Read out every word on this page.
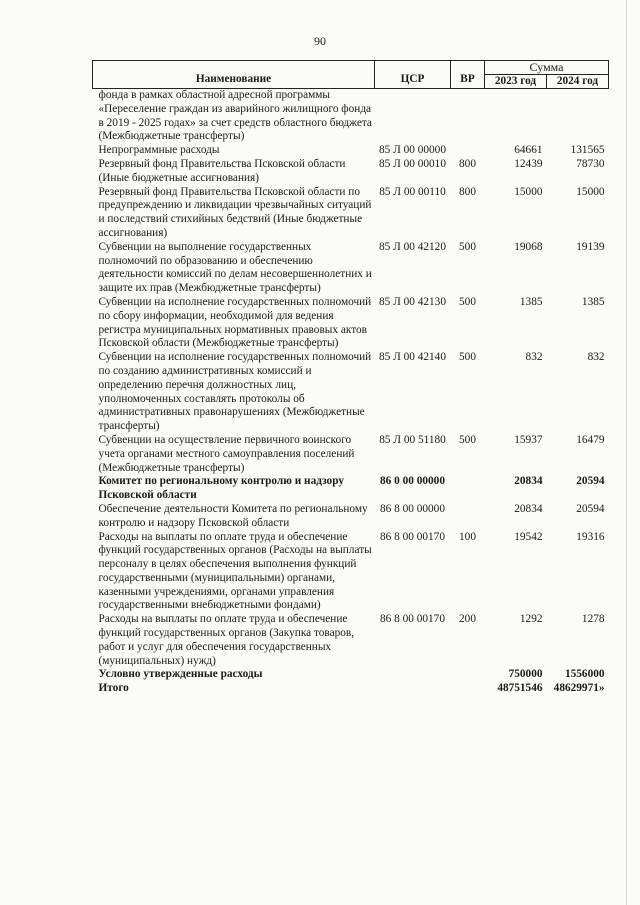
90
Наименование	ЦСР	ВР	Сумма	
			2023 год	2024 год
фонда в рамках областной адресной программы «Переселение граждан из аварийного жилищного фонда в 2019 - 2025 годах» за счет средств областного бюджета (Межбюджетные трансферты)				
Непрограммные расходы	85 Л 00 00000		64661	131565
Резервный фонд Правительства Псковской области (Иные бюджетные ассигнования)	85 Л 00 00010	800	12439	78730
Резервный фонд Правительства Псковской области по предупреждению и ликвидации чрезвычайных ситуаций и последствий стихийных бедствий (Иные бюджетные ассигнования)	85 Л 00 00110	800	15000	15000
Субвенции на выполнение государственных полномочий по образованию и обеспечению деятельности комиссий по делам несовершеннолетних и защите их прав (Межбюджетные трансферты)	85 Л 00 42120	500	19068	19139
Субвенции на исполнение государственных полномочий по сбору информации, необходимой для ведения регистра муниципальных нормативных правовых актов Псковской области (Межбюджетные трансферты)	85 Л 00 42130	500	1385	1385
Субвенции на исполнение государственных полномочий по созданию административных комиссий и определению перечня должностных лиц, уполномоченных составлять протоколы об административных правонарушениях (Межбюджетные трансферты)	85 Л 00 42140	500	832	832
Субвенции на осуществление первичного воинского учета органами местного самоуправления поселений (Межбюджетные трансферты)	85 Л 00 51180	500	15937	16479
Комитет по региональному контролю и надзору Псковской области	86 0 00 00000		20834	20594
Обеспечение деятельности Комитета по региональному контролю и надзору Псковской области	86 8 00 00000		20834	20594
Расходы на выплаты по оплате труда и обеспечение функций государственных органов (Расходы на выплаты персоналу в целях обеспечения выполнения функций государственными (муниципальными) органами, казенными учреждениями, органами управления государственными внебюджетными фондами)	86 8 00 00170	100	19542	19316
Расходы на выплаты по оплате труда и обеспечение функций государственных органов (Закупка товаров, работ и услуг для обеспечения государственных (муниципальных) нужд)	86 8 00 00170	200	1292	1278
Условно утвержденные расходы			750000	1556000
Итого			48751546	48629971»
